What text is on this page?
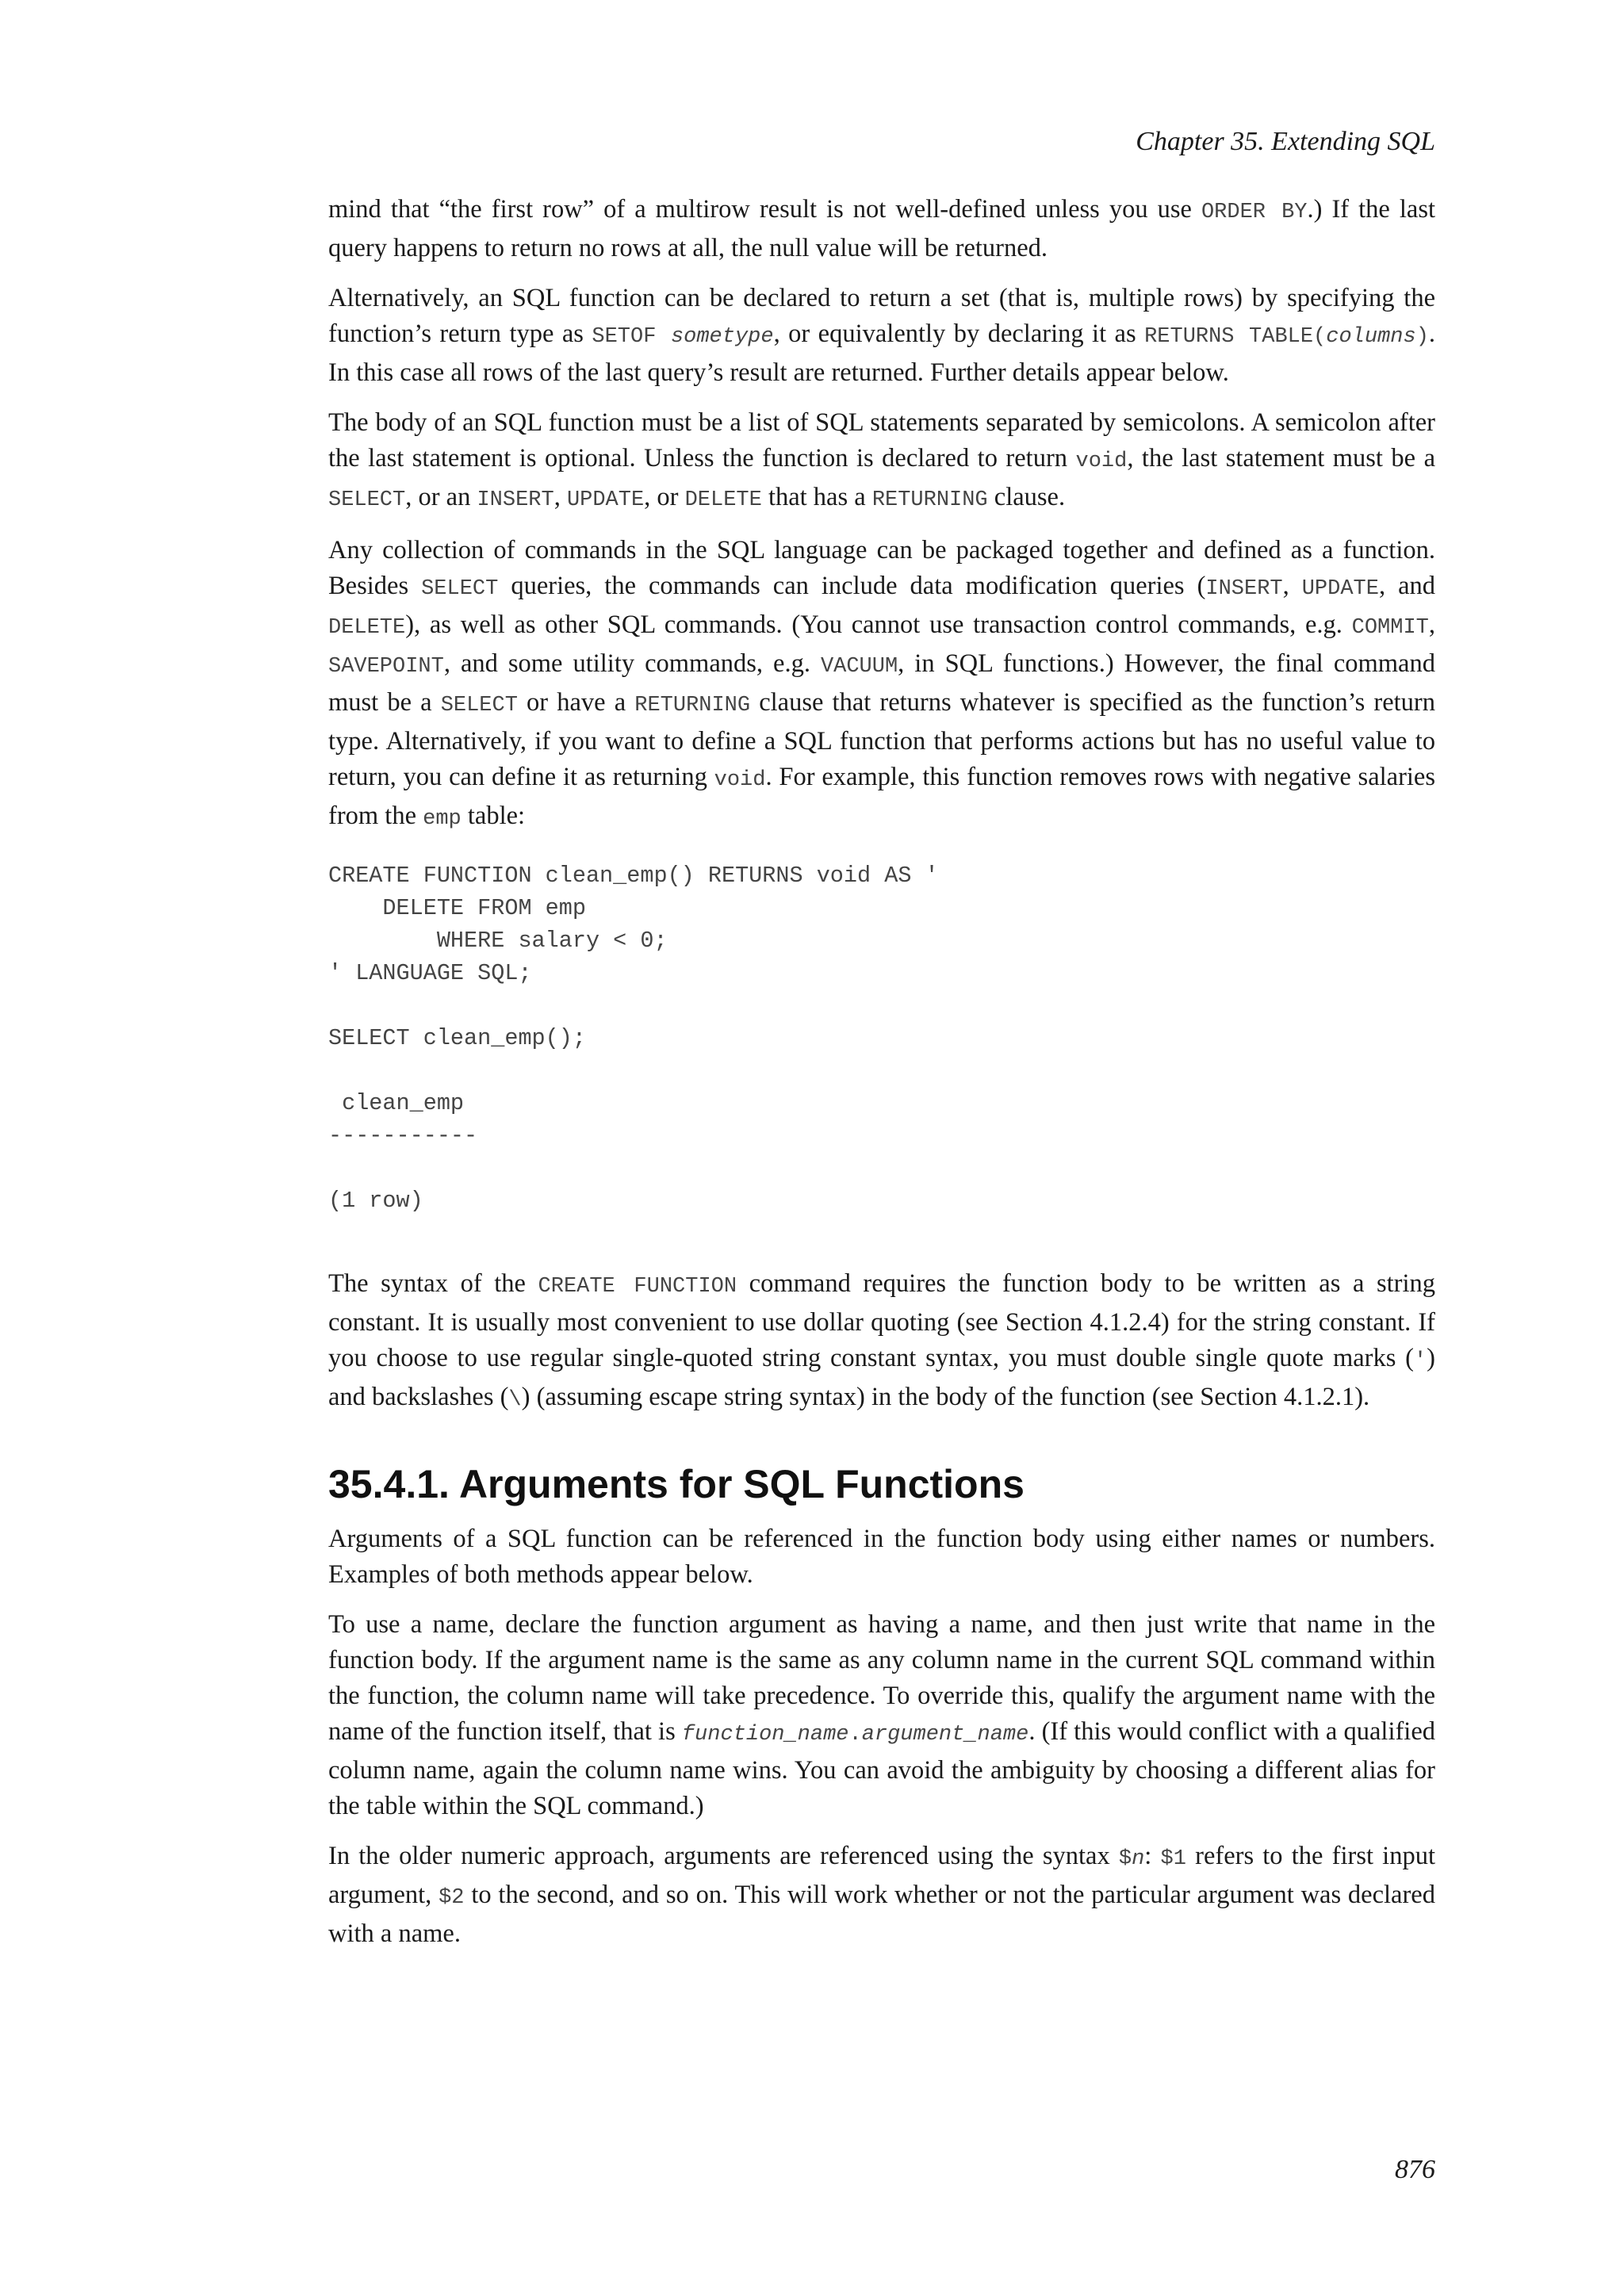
Chapter 35. Extending SQL

mind that “the first row” of a multirow result is not well-defined unless you use ORDER BY.) If the last query happens to return no rows at all, the null value will be returned.

Alternatively, an SQL function can be declared to return a set (that is, multiple rows) by specifying the function’s return type as SETOF sometype, or equivalently by declaring it as RETURNS TABLE(columns). In this case all rows of the last query’s result are returned. Further details appear below.

The body of an SQL function must be a list of SQL statements separated by semicolons. A semicolon after the last statement is optional. Unless the function is declared to return void, the last statement must be a SELECT, or an INSERT, UPDATE, or DELETE that has a RETURNING clause.

Any collection of commands in the SQL language can be packaged together and defined as a function. Besides SELECT queries, the commands can include data modification queries (INSERT, UPDATE, and DELETE), as well as other SQL commands. (You cannot use transaction control commands, e.g. COMMIT, SAVEPOINT, and some utility commands, e.g. VACUUM, in SQL functions.) However, the final command must be a SELECT or have a RETURNING clause that returns whatever is specified as the function’s return type. Alternatively, if you want to define a SQL function that performs actions but has no useful value to return, you can define it as returning void. For example, this function removes rows with negative salaries from the emp table:

CREATE FUNCTION clean_emp() RETURNS void AS '
DELETE FROM emp
WHERE salary < 0;
' LANGUAGE SQL;

SELECT clean_emp();

clean_emp
-----------

(1 row)

The syntax of the CREATE FUNCTION command requires the function body to be written as a string constant. It is usually most convenient to use dollar quoting (see Section 4.1.2.4) for the string constant. If you choose to use regular single-quoted string constant syntax, you must double single quote marks (') and backslashes (\) (assuming escape string syntax) in the body of the function (see Section 4.1.2.1).

35.4.1. Arguments for SQL Functions

Arguments of a SQL function can be referenced in the function body using either names or numbers. Examples of both methods appear below.

To use a name, declare the function argument as having a name, and then just write that name in the function body. If the argument name is the same as any column name in the current SQL command within the function, the column name will take precedence. To override this, qualify the argument name with the name of the function itself, that is function_name.argument_name. (If this would conflict with a qualified column name, again the column name wins. You can avoid the ambiguity by choosing a different alias for the table within the SQL command.)

In the older numeric approach, arguments are referenced using the syntax $n: $1 refers to the first input argument, $2 to the second, and so on. This will work whether or not the particular argument was declared with a name.

876
